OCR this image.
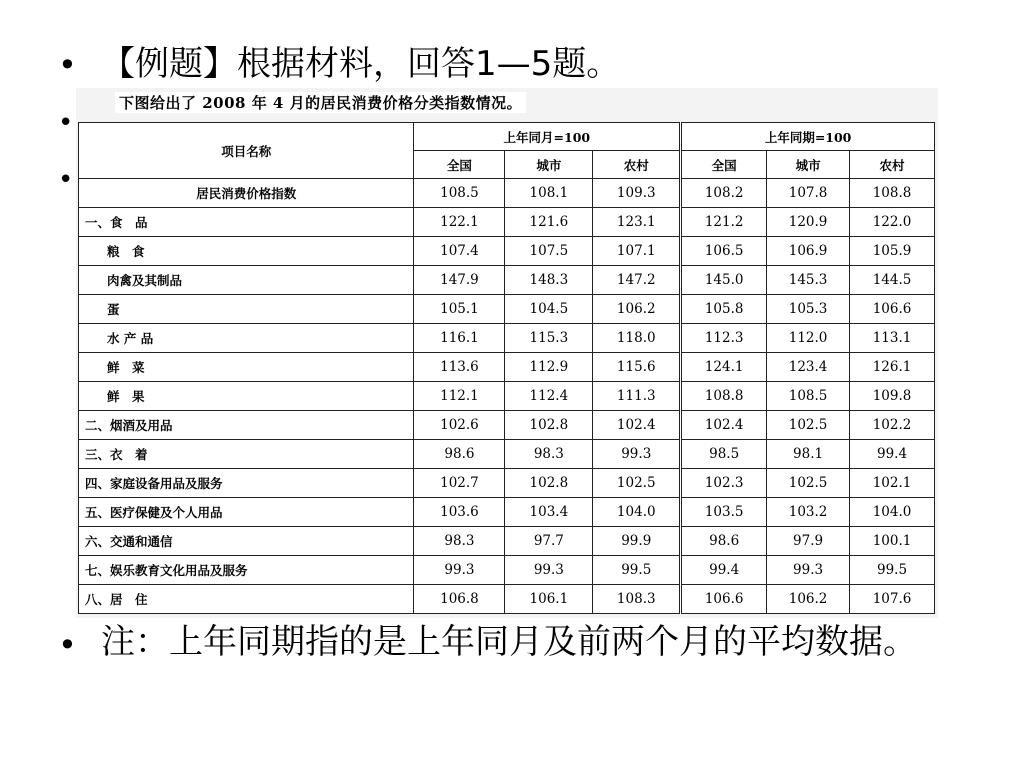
•
•
•
•
【例题】根据材料，回答1—5题。
下图给出了 2008 年 4 月的居民消费价格分类指数情况。
项目名称	上年同月=100			上年同期=100		
	全国	城市	农村	全国	城市	农村
居民消费价格指数	108.5	108.1	109.3	108.2	107.8	108.8
一、食　品	122.1	121.6	123.1	121.2	120.9	122.0
粮　食	107.4	107.5	107.1	106.5	106.9	105.9
肉禽及其制品	147.9	148.3	147.2	145.0	145.3	144.5
蛋	105.1	104.5	106.2	105.8	105.3	106.6
水 产 品	116.1	115.3	118.0	112.3	112.0	113.1
鲜　菜	113.6	112.9	115.6	124.1	123.4	126.1
鲜　果	112.1	112.4	111.3	108.8	108.5	109.8
二、烟酒及用品	102.6	102.8	102.4	102.4	102.5	102.2
三、衣　着	98.6	98.3	99.3	98.5	98.1	99.4
四、家庭设备用品及服务	102.7	102.8	102.5	102.3	102.5	102.1
五、医疗保健及个人用品	103.6	103.4	104.0	103.5	103.2	104.0
六、交通和通信	98.3	97.7	99.9	98.6	97.9	100.1
七、娱乐教育文化用品及服务	99.3	99.3	99.5	99.4	99.3	99.5
八、居　住	106.8	106.1	108.3	106.6	106.2	107.6
注：上年同期指的是上年同月及前两个月的平均数据。
